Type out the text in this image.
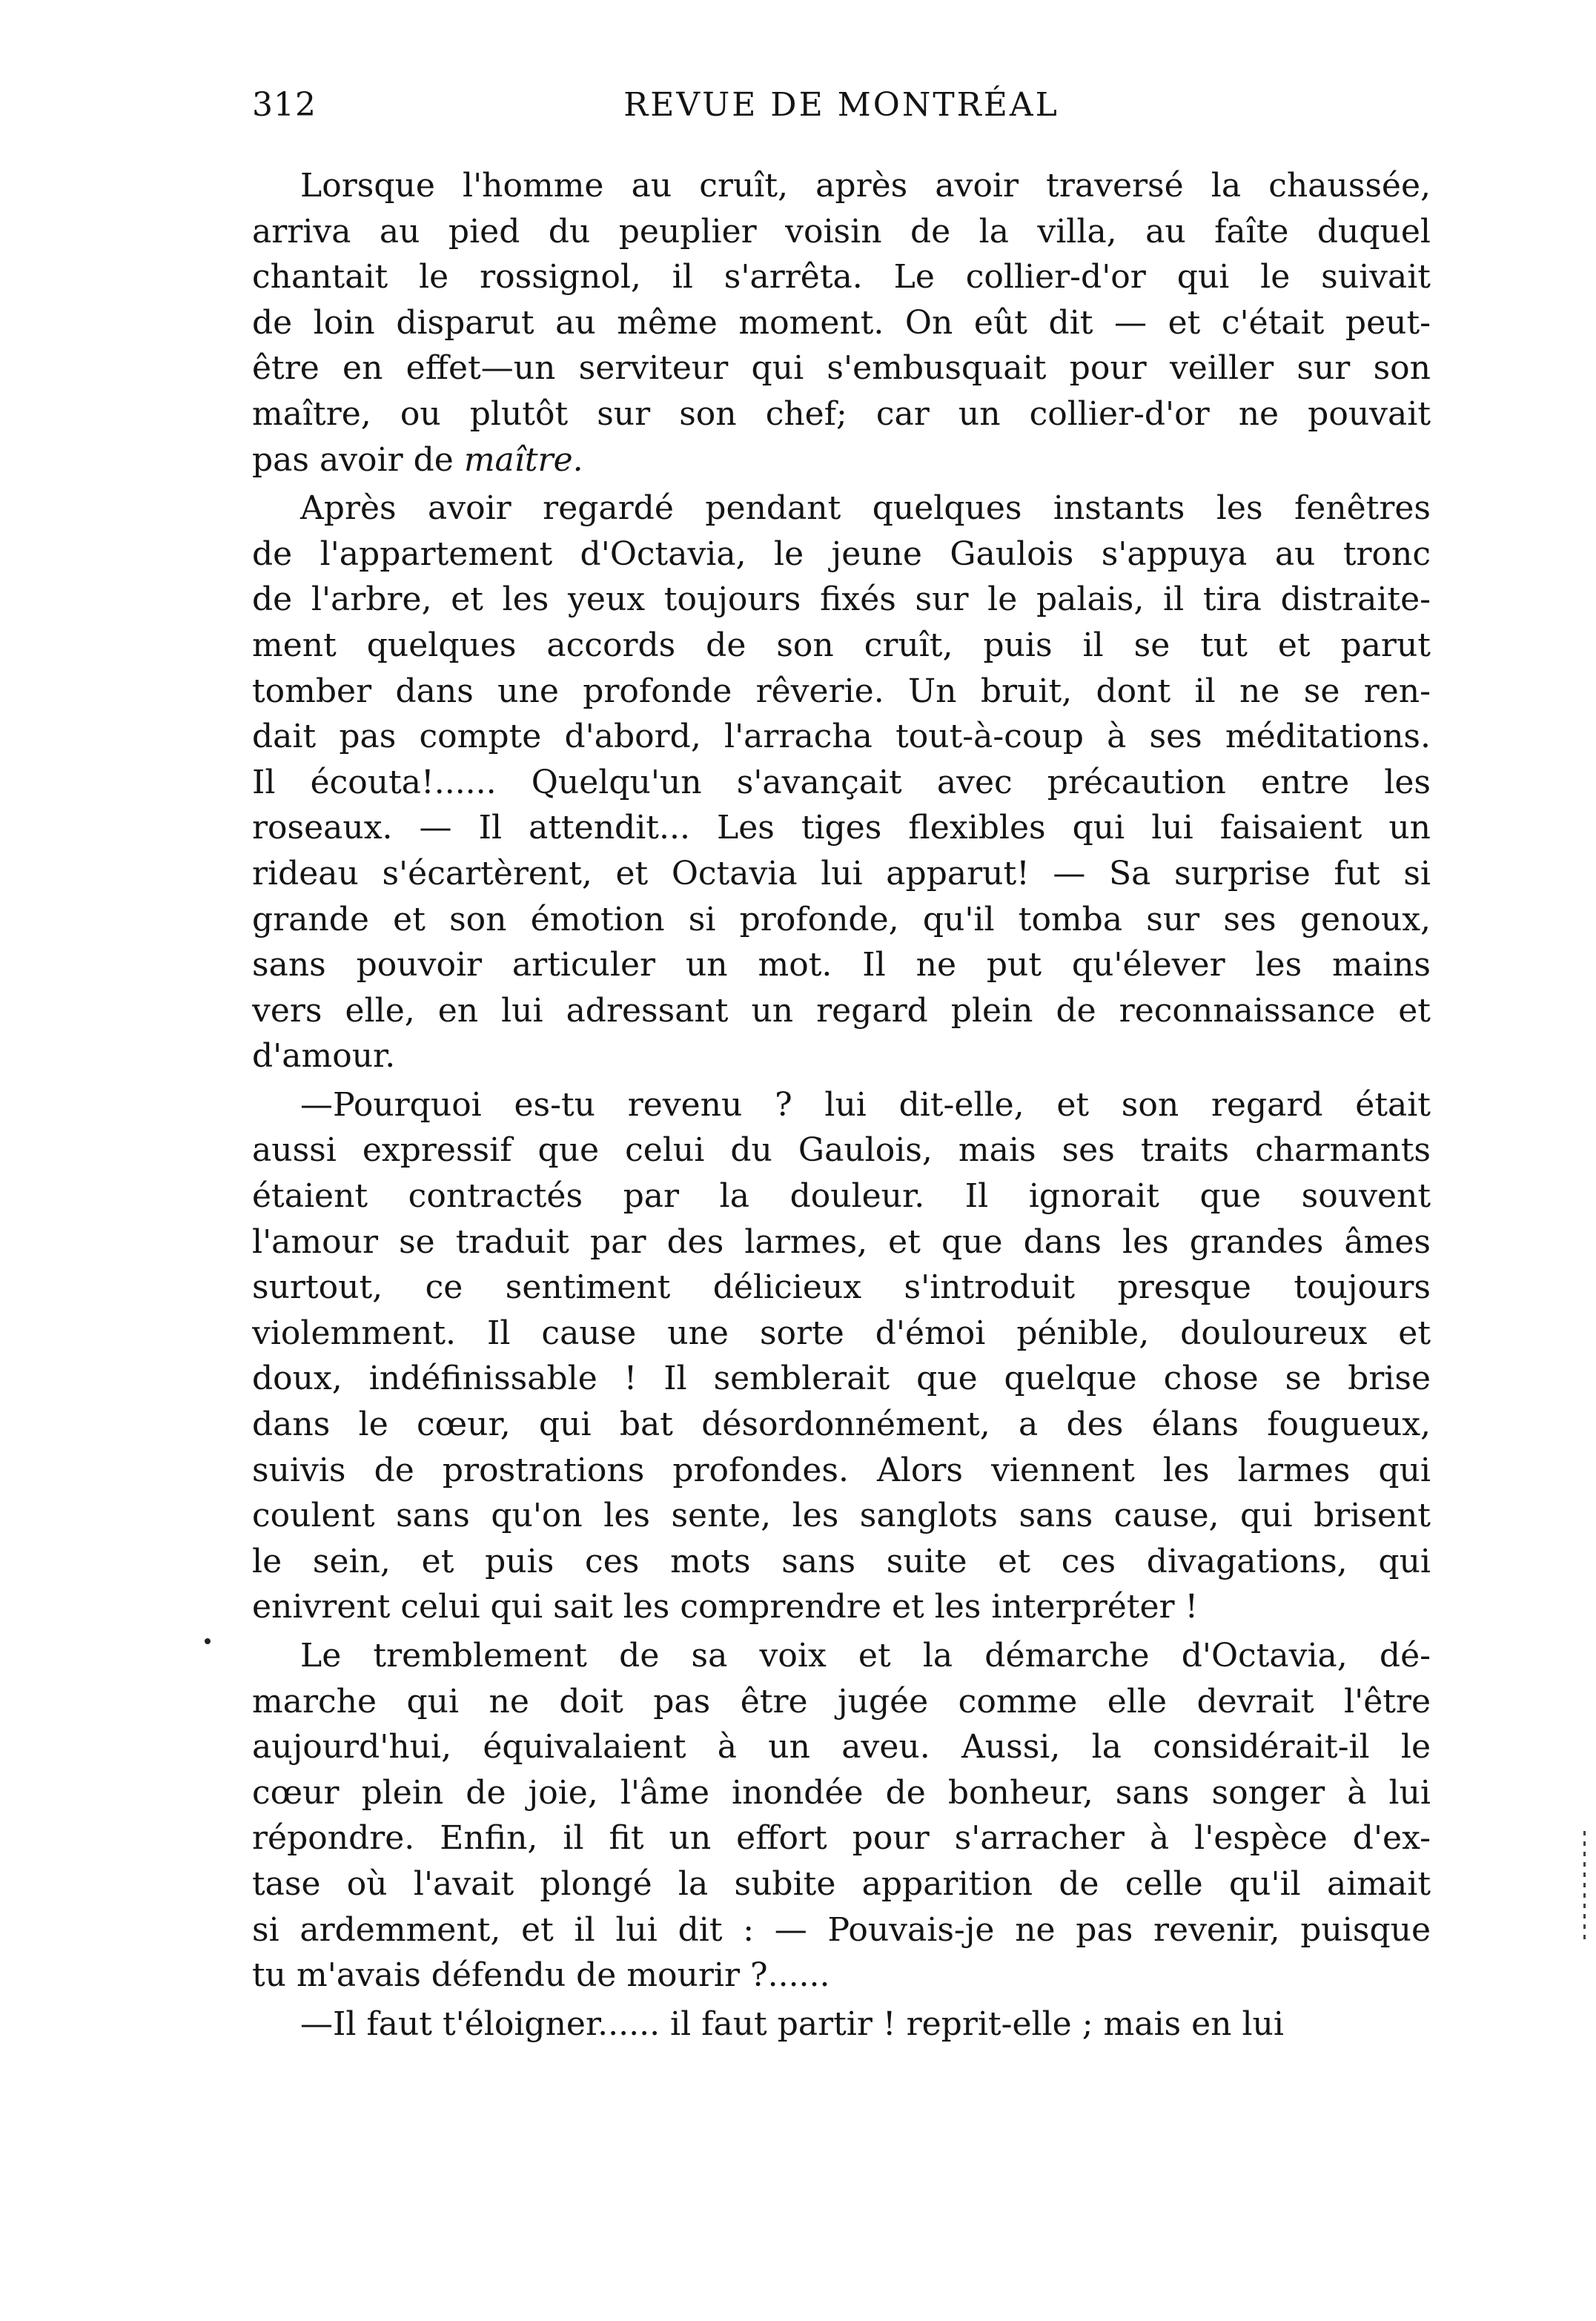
312	REVUE DE MONTRÉAL
Lorsque l'homme au cruît, après avoir traversé la chaussée,
arriva au pied du peuplier voisin de la villa, au faîte duquel
chantait le rossignol, il s'arrêta. Le collier-d'or qui le suivait
de loin disparut au même moment. On eût dit — et c'était peut-
être en effet—un serviteur qui s'embusquait pour veiller sur son
maître, ou plutôt sur son chef; car un collier-d'or ne pouvait
pas avoir de maître.
Après avoir regardé pendant quelques instants les fenêtres
de l'appartement d'Octavia, le jeune Gaulois s'appuya au tronc
de l'arbre, et les yeux toujours fixés sur le palais, il tira distraite-
ment quelques accords de son cruît, puis il se tut et parut
tomber dans une profonde rêverie. Un bruit, dont il ne se ren-
dait pas compte d'abord, l'arracha tout-à-coup à ses méditations.
Il écouta!...... Quelqu'un s'avançait avec précaution entre les
roseaux. — Il attendit... Les tiges flexibles qui lui faisaient un
rideau s'écartèrent, et Octavia lui apparut! — Sa surprise fut si
grande et son émotion si profonde, qu'il tomba sur ses genoux,
sans pouvoir articuler un mot. Il ne put qu'élever les mains
vers elle, en lui adressant un regard plein de reconnaissance et
d'amour.
—Pourquoi es-tu revenu ? lui dit-elle, et son regard était
aussi expressif que celui du Gaulois, mais ses traits charmants
étaient contractés par la douleur. Il ignorait que souvent
l'amour se traduit par des larmes, et que dans les grandes âmes
surtout, ce sentiment délicieux s'introduit presque toujours
violemment. Il cause une sorte d'émoi pénible, douloureux et
doux, indéfinissable ! Il semblerait que quelque chose se brise
dans le cœur, qui bat désordonnément, a des élans fougueux,
suivis de prostrations profondes. Alors viennent les larmes qui
coulent sans qu'on les sente, les sanglots sans cause, qui brisent
le sein, et puis ces mots sans suite et ces divagations, qui
enivrent celui qui sait les comprendre et les interpréter !
Le tremblement de sa voix et la démarche d'Octavia, dé-
marche qui ne doit pas être jugée comme elle devrait l'être
aujourd'hui, équivalaient à un aveu. Aussi, la considérait-il le
cœur plein de joie, l'âme inondée de bonheur, sans songer à lui
répondre. Enfin, il fit un effort pour s'arracher à l'espèce d'ex-
tase où l'avait plongé la subite apparition de celle qu'il aimait
si ardemment, et il lui dit : — Pouvais-je ne pas revenir, puisque
tu m'avais défendu de mourir ?......
—Il faut t'éloigner...... il faut partir ! reprit-elle ; mais en lui
